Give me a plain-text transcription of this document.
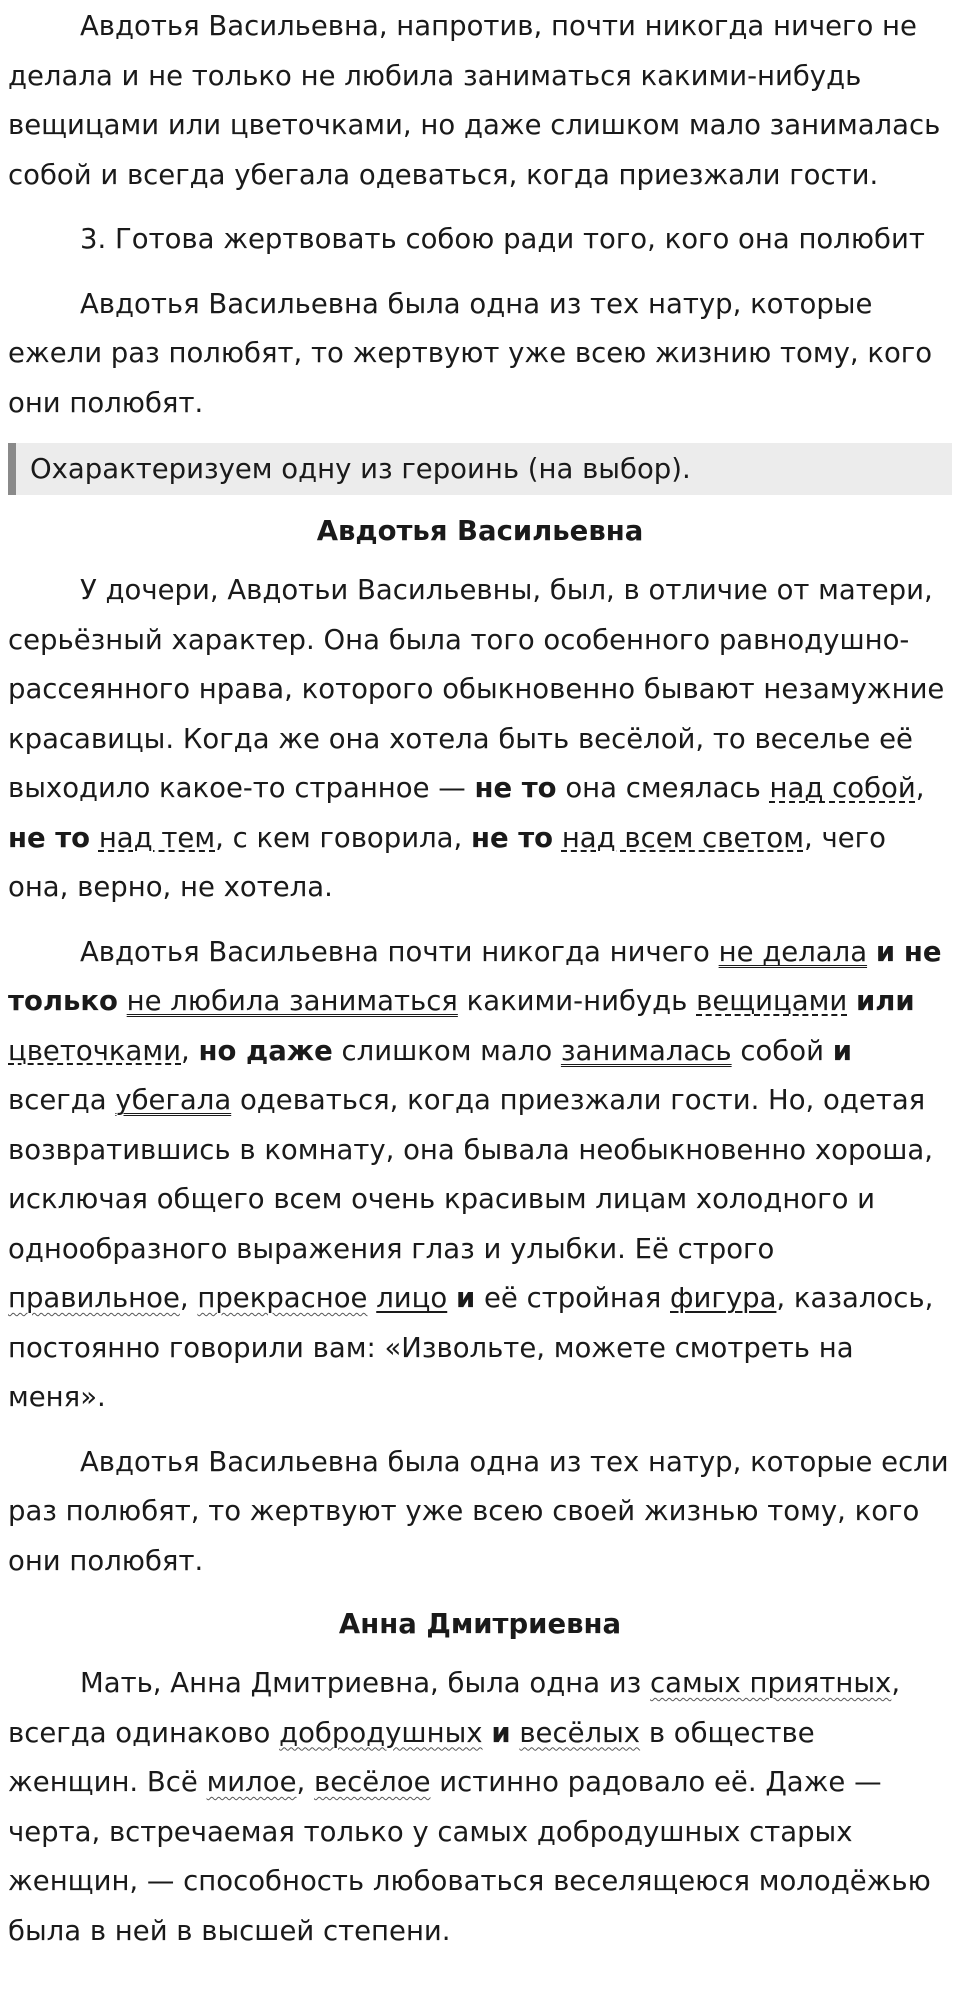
Авдотья Васильевна, напротив, почти никогда ничего не делала и не только не любила заниматься какими-нибудь вещицами или цветочками, но даже слишком мало занималась собой и всегда убегала одеваться, когда приезжали гости.

3. Готова жертвовать собою ради того, кого она полюбит

Авдотья Васильевна была одна из тех натур, которые ежели раз полюбят, то жертвуют уже всею жизнию тому, кого они полюбят.

Охарактеризуем одну из героинь (на выбор).
Авдотья Васильевна

У дочери, Авдотьи Васильевны, был, в отличие от матери, серьёзный характер. Она была того особенного равнодушно-рассеянного нрава, которого обыкновенно бывают незамужние красавицы. Когда же она хотела быть весёлой, то веселье её выходило какое-то странное — не то она смеялась над собой, не то над тем, с кем говорила, не то над всем светом, чего она, верно, не хотела.

Авдотья Васильевна почти никогда ничего не делала и не только не любила заниматься какими-нибудь вещицами или цветочками, но даже слишком мало занималась собой и всегда убегала одеваться, когда приезжали гости. Но, одетая возвратившись в комнату, она бывала необыкновенно хороша, исключая общего всем очень красивым лицам холодного и однообразного выражения глаз и улыбки. Её строго правильное, прекрасное лицо и её стройная фигура, казалось, постоянно говорили вам: «Извольте, можете смотреть на меня».

Авдотья Васильевна была одна из тех натур, которые если раз полюбят, то жертвуют уже всею своей жизнью тому, кого они полюбят.

Анна Дмитриевна

Мать, Анна Дмитриевна, была одна из самых приятных, всегда одинаково добродушных и весёлых в обществе женщин. Всё милое, весёлое истинно радовало её. Даже — черта, встречаемая только у самых добродушных старых женщин, — способность любоваться веселящеюся молодёжью была в ней в высшей степени.
